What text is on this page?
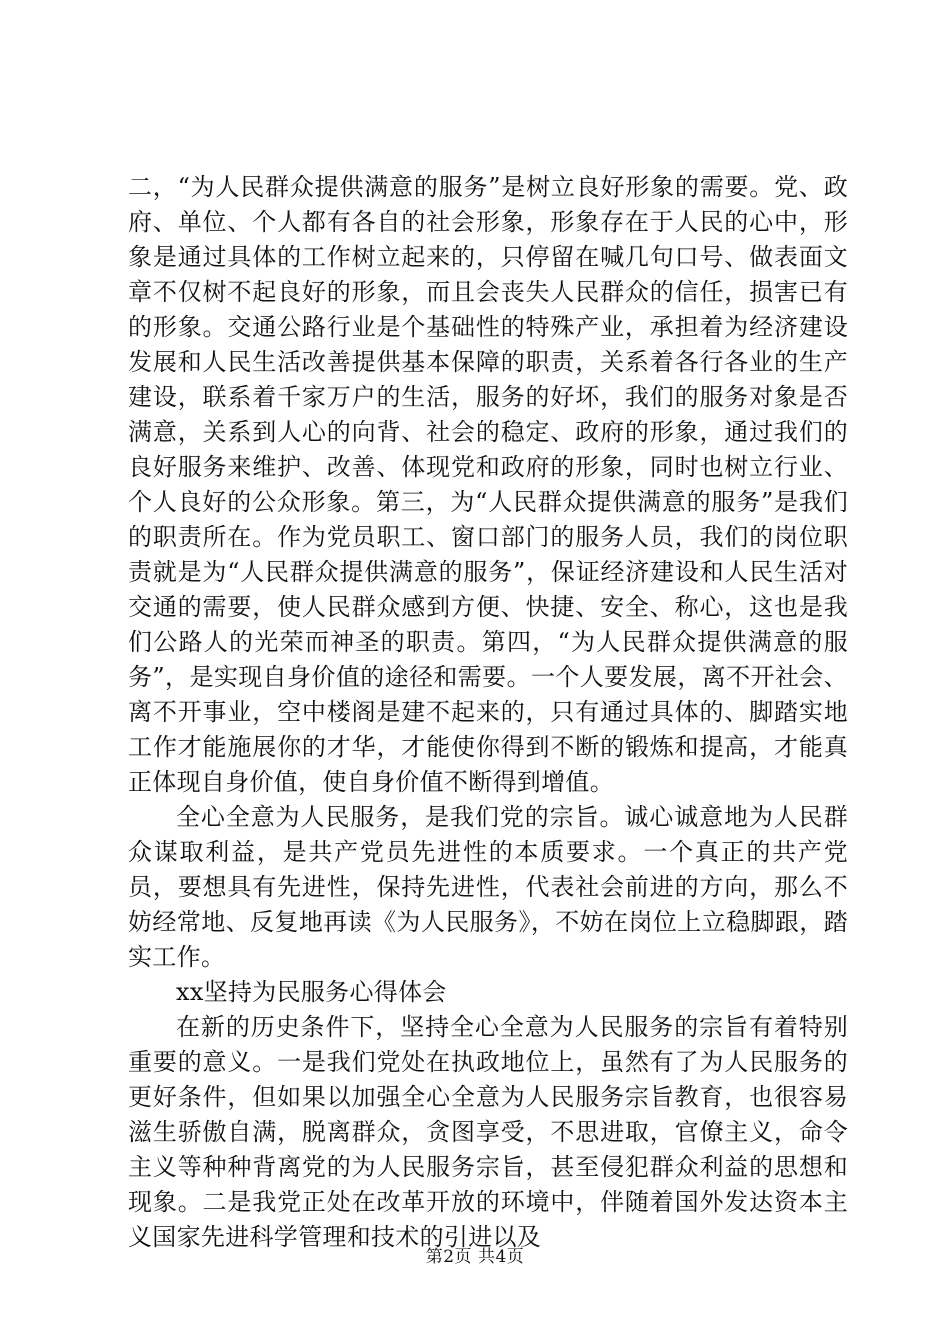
二，“为人民群众提供满意的服务”是树立良好形象的需要。党、政府、单位、个人都有各自的社会形象，形象存在于人民的心中，形象是通过具体的工作树立起来的，只停留在喊几句口号、做表面文章不仅树不起良好的形象，而且会丧失人民群众的信任，损害已有的形象。交通公路行业是个基础性的特殊产业，承担着为经济建设发展和人民生活改善提供基本保障的职责，关系着各行各业的生产建设，联系着千家万户的生活，服务的好坏，我们的服务对象是否满意，关系到人心的向背、社会的稳定、政府的形象，通过我们的良好服务来维护、改善、体现党和政府的形象，同时也树立行业、个人良好的公众形象。第三，为“人民群众提供满意的服务”是我们的职责所在。作为党员职工、窗口部门的服务人员，我们的岗位职责就是为“人民群众提供满意的服务”，保证经济建设和人民生活对交通的需要，使人民群众感到方便、快捷、安全、称心，这也是我们公路人的光荣而神圣的职责。第四，“为人民群众提供满意的服务”，是实现自身价值的途径和需要。一个人要发展，离不开社会、离不开事业，空中楼阁是建不起来的，只有通过具体的、脚踏实地工作才能施展你的才华，才能使你得到不断的锻炼和提高，才能真正体现自身价值，使自身价值不断得到增值。

全心全意为人民服务，是我们党的宗旨。诚心诚意地为人民群众谋取利益，是共产党员先进性的本质要求。一个真正的共产党员，要想具有先进性，保持先进性，代表社会前进的方向，那么不妨经常地、反复地再读《为人民服务》，不妨在岗位上立稳脚跟，踏实工作。

xx坚持为民服务心得体会

在新的历史条件下，坚持全心全意为人民服务的宗旨有着特别重要的意义。一是我们党处在执政地位上，虽然有了为人民服务的更好条件，但如果以加强全心全意为人民服务宗旨教育，也很容易滋生骄傲自满，脱离群众，贪图享受，不思进取，官僚主义，命令主义等种种背离党的为人民服务宗旨，甚至侵犯群众利益的思想和现象。二是我党正处在改革开放的环境中，伴随着国外发达资本主义国家先进科学管理和技术的引进以及

第2页 共4页
